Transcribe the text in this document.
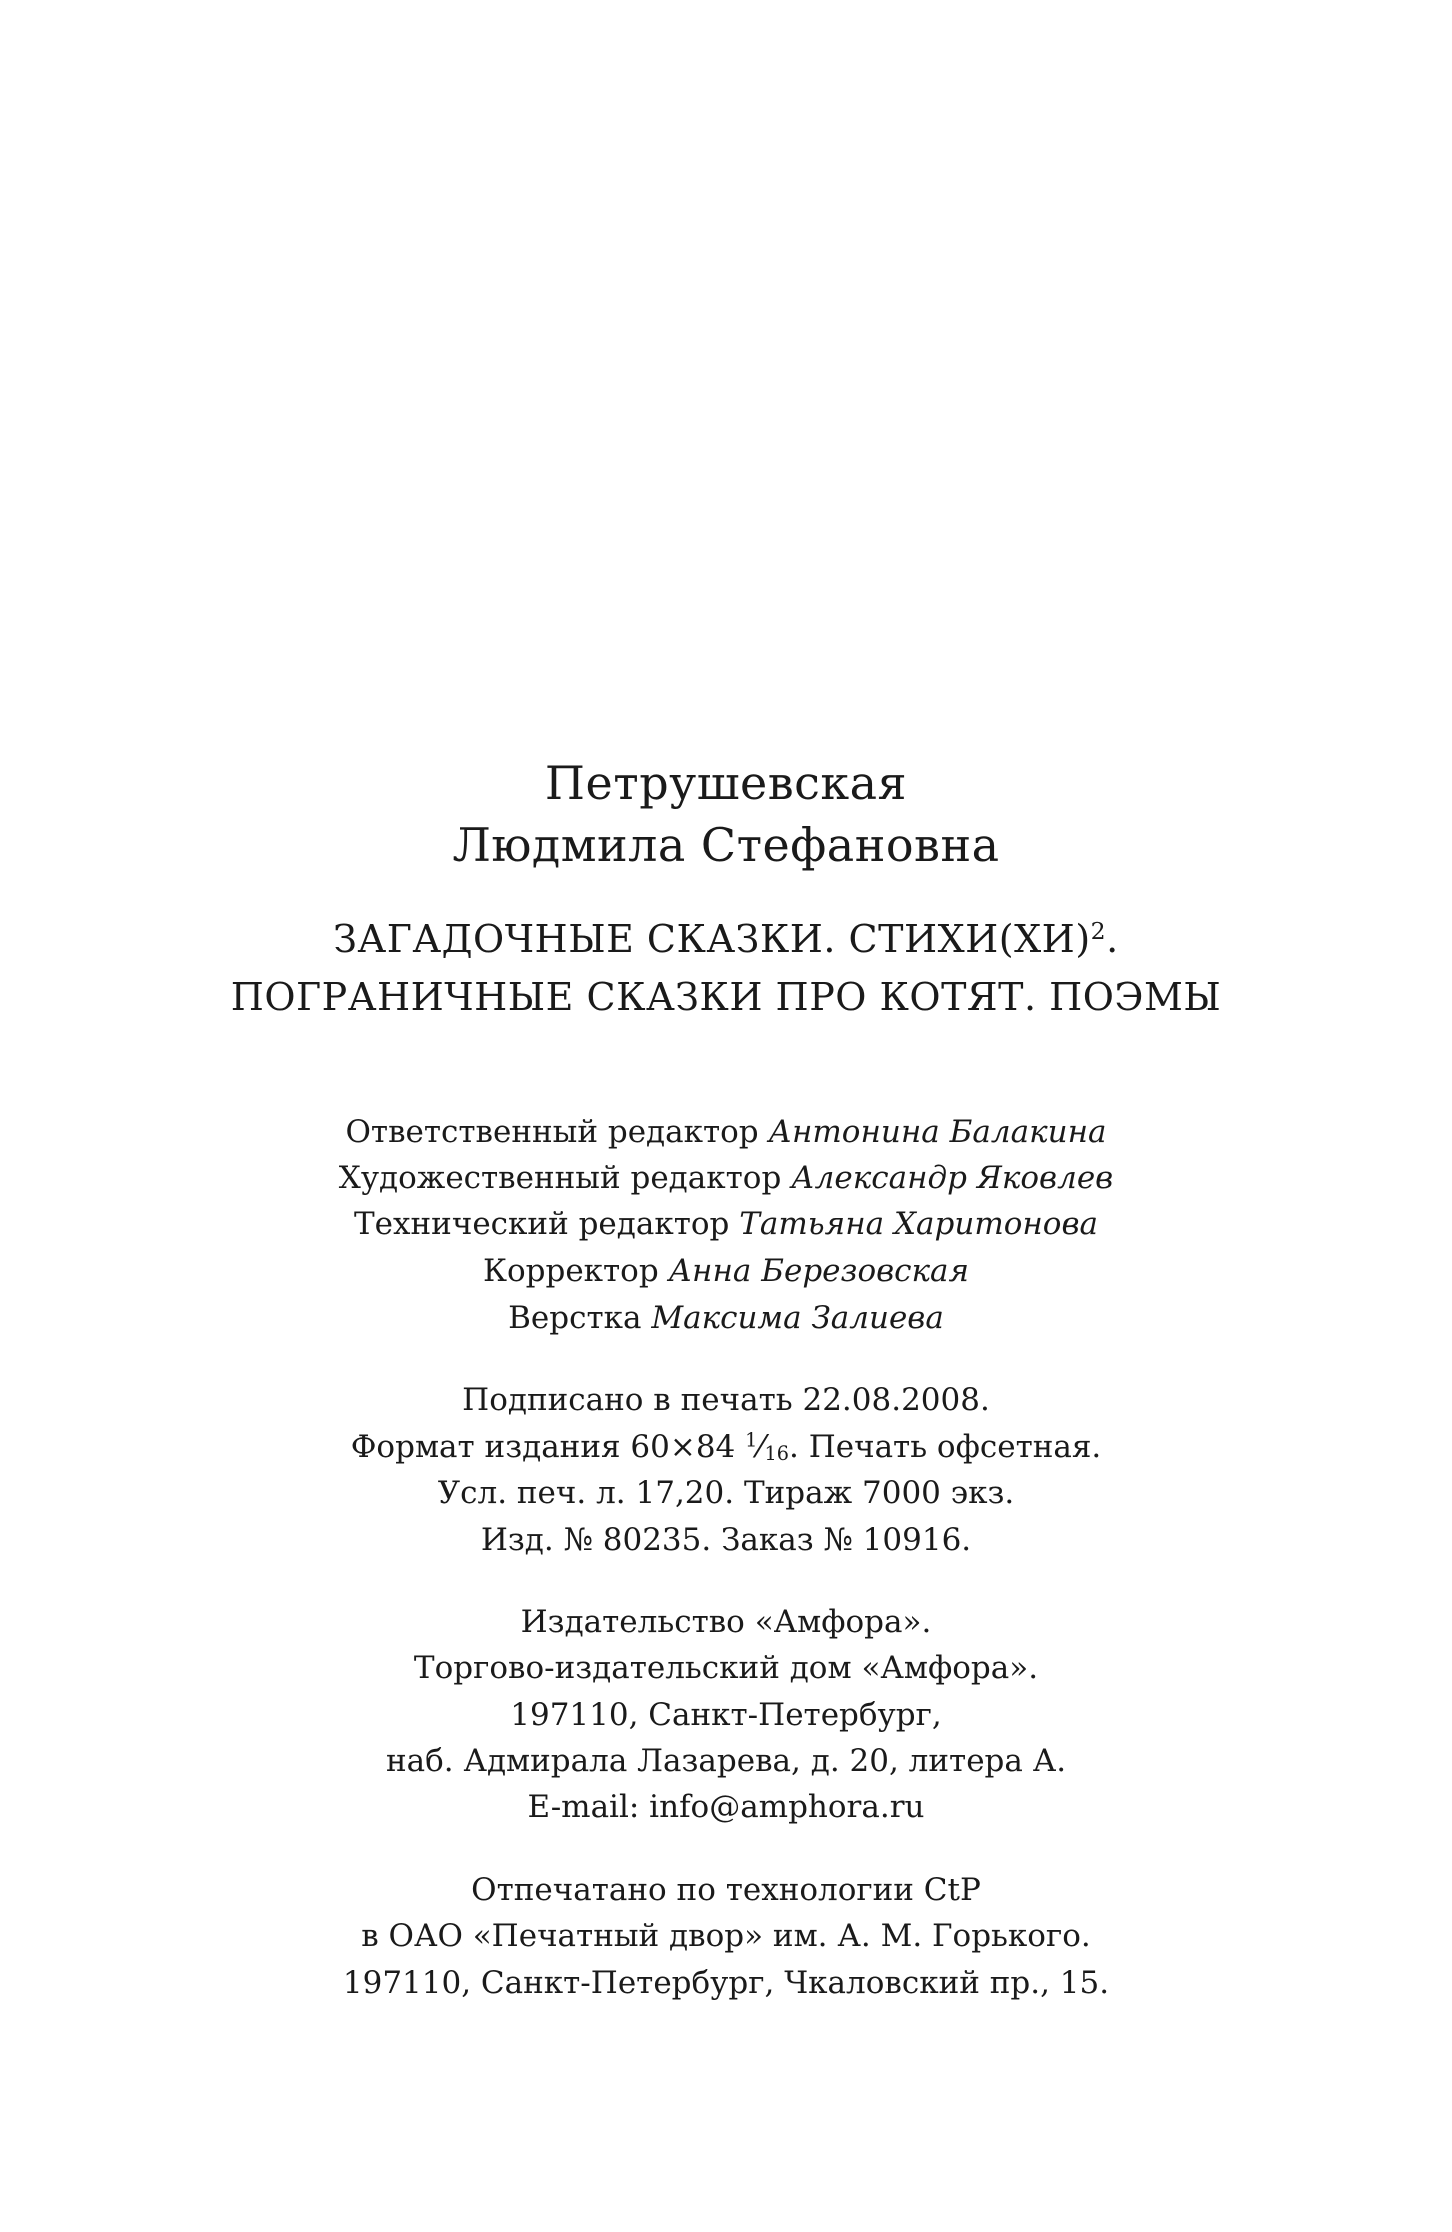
Петрушевская
Людмила Стефановна
ЗАГАДОЧНЫЕ СКАЗКИ. СТИХИ(ХИ)$^2$.
ПОГРАНИЧНЫЕ СКАЗКИ ПРО КОТЯТ. ПОЭМЫ
Ответственный редактор Антонина Балакина
Художественный редактор Александр Яковлев
Технический редактор Татьяна Харитонова
Корректор Анна Березовская
Верстка Максима Залиева
Подписано в печать 22.08.2008.
Формат издания 60×84 $^1$⁄16. Печать офсетная.
Усл. печ. л. 17,20. Тираж 7000 экз.
Изд. № 80235. Заказ № 10916.
Издательство «Амфора».
Торгово-издательский дом «Амфора».
197110, Санкт-Петербург,
наб. Адмирала Лазарева, д. 20, литера А.
E-mail: info@amphora.ru
Отпечатано по технологии CtP
в ОАО «Печатный двор» им. А. М. Горького.
197110, Санкт-Петербург, Чкаловский пр., 15.
